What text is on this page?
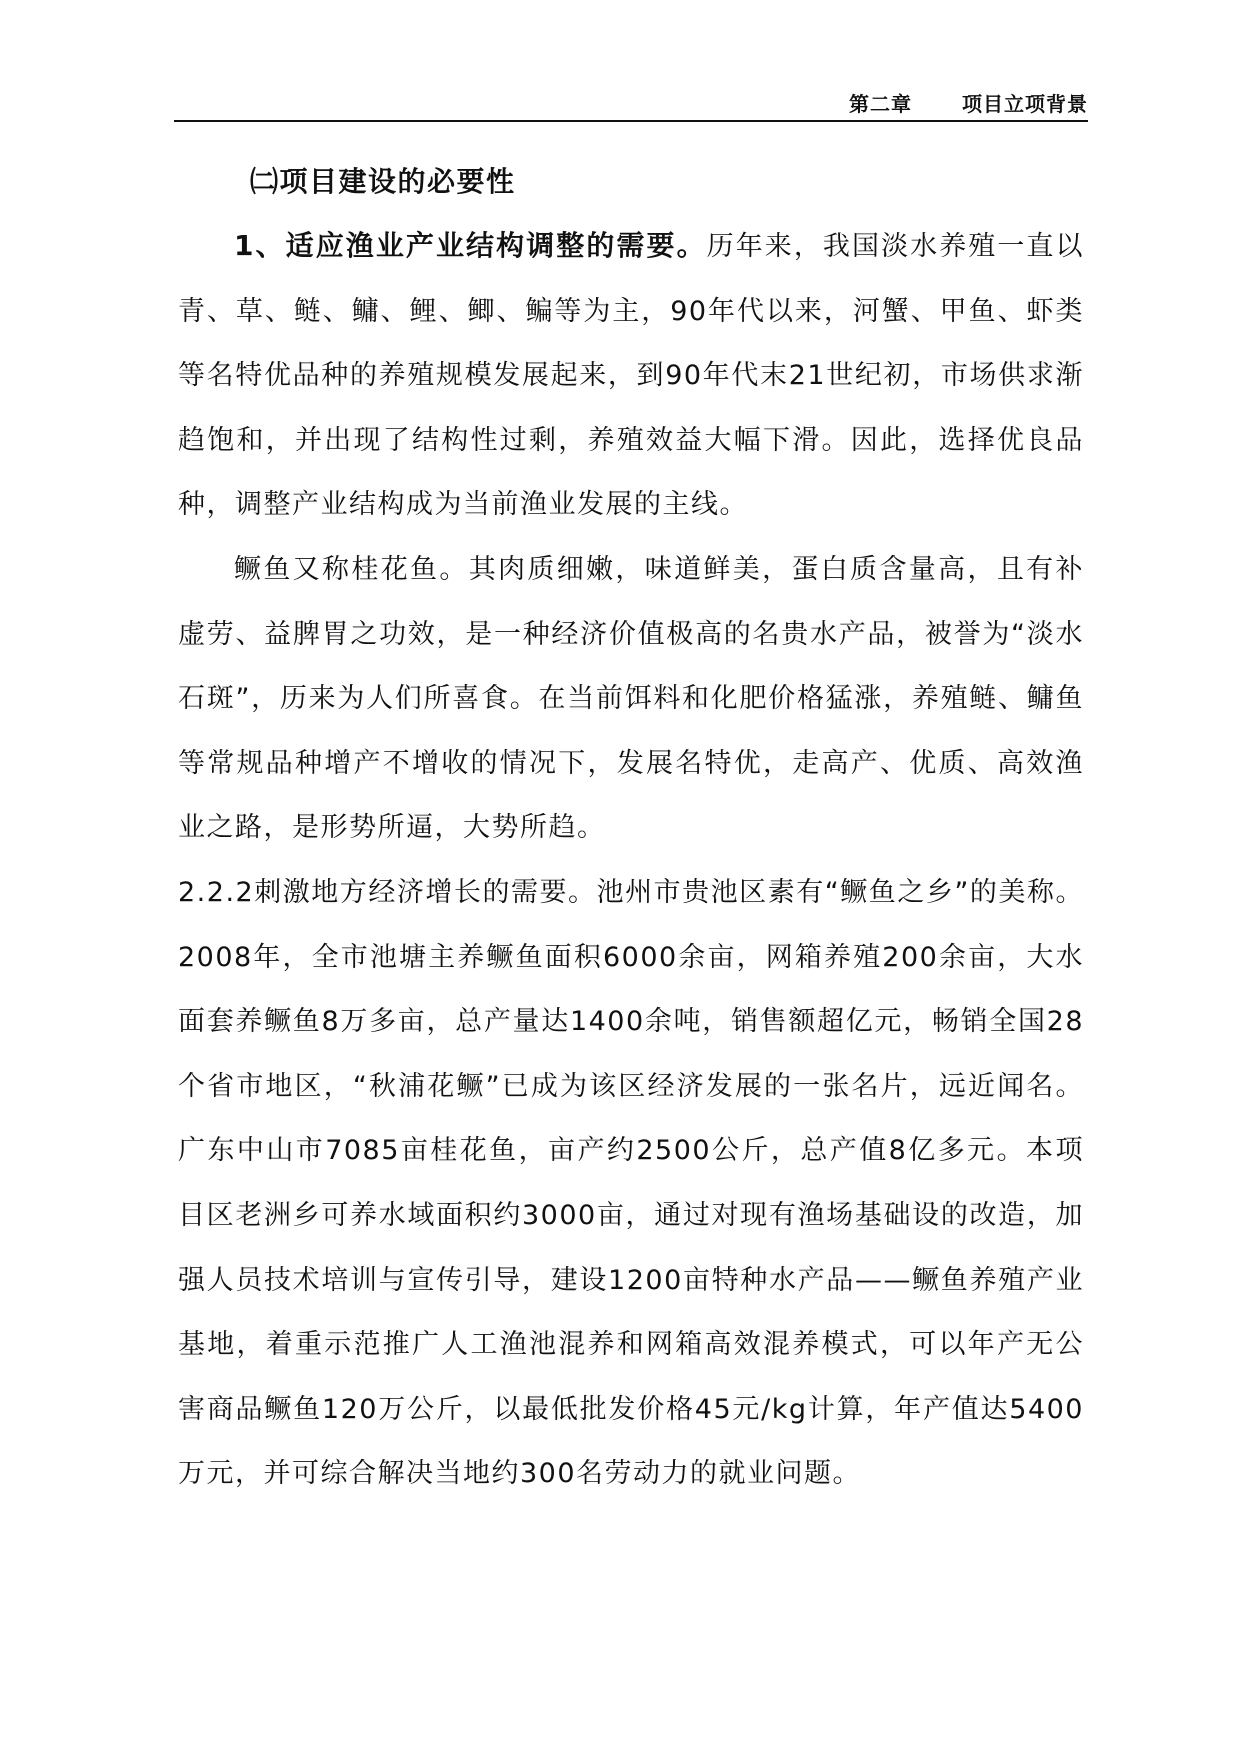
第二章	项目立项背景

㈡项目建设的必要性

1、适应渔业产业结构调整的需要。历年来，我国淡水养殖一直以青、草、鲢、鳙、鲤、鲫、鳊等为主，90年代以来，河蟹、甲鱼、虾类等名特优品种的养殖规模发展起来，到90年代末21世纪初，市场供求渐趋饱和，并出现了结构性过剩，养殖效益大幅下滑。因此，选择优良品种，调整产业结构成为当前渔业发展的主线。

鳜鱼又称桂花鱼。其肉质细嫩，味道鲜美，蛋白质含量高，且有补虚劳、益脾胃之功效，是一种经济价值极高的名贵水产品，被誉为“淡水石斑”，历来为人们所喜食。在当前饵料和化肥价格猛涨，养殖鲢、鳙鱼等常规品种增产不增收的情况下，发展名特优，走高产、优质、高效渔业之路，是形势所逼，大势所趋。

2.2.2刺激地方经济增长的需要。池州市贵池区素有“鳜鱼之乡”的美称。2008年，全市池塘主养鳜鱼面积6000余亩，网箱养殖200余亩，大水面套养鳜鱼8万多亩，总产量达1400余吨，销售额超亿元，畅销全国28个省市地区，“秋浦花鳜”已成为该区经济发展的一张名片，远近闻名。广东中山市7085亩桂花鱼，亩产约2500公斤，总产值8亿多元。本项目区老洲乡可养水域面积约3000亩，通过对现有渔场基础设的改造，加强人员技术培训与宣传引导，建设1200亩特种水产品——鳜鱼养殖产业基地，着重示范推广人工渔池混养和网箱高效混养模式，可以年产无公害商品鳜鱼120万公斤，以最低批发价格45元/kg计算，年产值达5400万元，并可综合解决当地约300名劳动力的就业问题。
